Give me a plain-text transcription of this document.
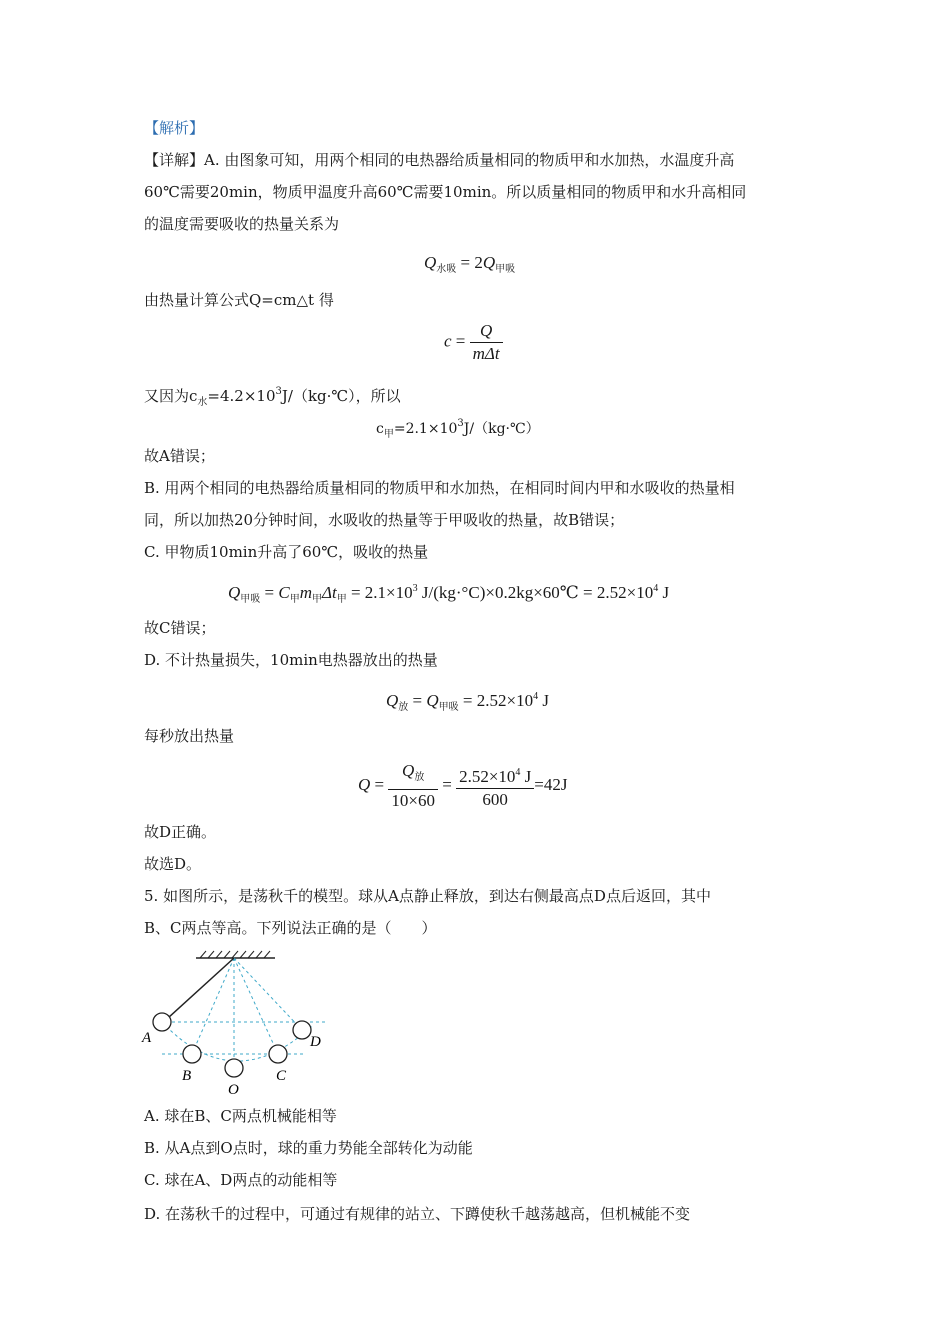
【解析】
【详解】A. 由图象可知，用两个相同的电热器给质量相同的物质甲和水加热，水温度升高
60℃需要20min，物质甲温度升高60℃需要10min。所以质量相同的物质甲和水升高相同
的温度需要吸收的热量关系为
$Q_{水吸} = 2Q_{甲吸}$
由热量计算公式Q=cm△t 得
$c = \frac{Q}{\text{mΔt}}$
又因为$c_水=4.2\times 10^3J/(kg\cdot℃)$，所以
$c_甲=2.1\times 10^3J/(kg\cdot℃)$
故A错误；
B. 用两个相同的电热器给质量相同的物质甲和水加热，在相同时间内甲和水吸收的热量相
同，所以加热20分钟时间，水吸收的热量等于甲吸收的热量，故B错误；
C. 甲物质10min升高了60℃，吸收的热量
$Q_{甲吸} = C_甲m_甲\Delta t_甲 = 2.1\times 10^3$ J/(kg·°C)×0.2kg×60℃ = $2.52\times 10^4$ J
故C错误；
D. 不计热量损失，10min电热器放出的热量
$Q_放 = Q_{甲吸} = 2.52\times 10^4$ J
每秒放出热量
$Q = \frac{Q_放}{10\times 60} = \frac{2.52\times 10^4 J}{600} =42J$
故D正确。
故选D。
5. 如图所示，是荡秋千的模型。球从A点静止释放，到达右侧最高点D点后返回，其中
B、C两点等高。下列说法正确的是（　　）
A
B
O
C
D
A. 球在B、C两点机械能相等
B. 从A点到O点时，球的重力势能全部转化为动能
C. 球在A、D两点的动能相等
D. 在荡秋千的过程中，可通过有规律的站立、下蹲使秋千越荡越高，但机械能不变
